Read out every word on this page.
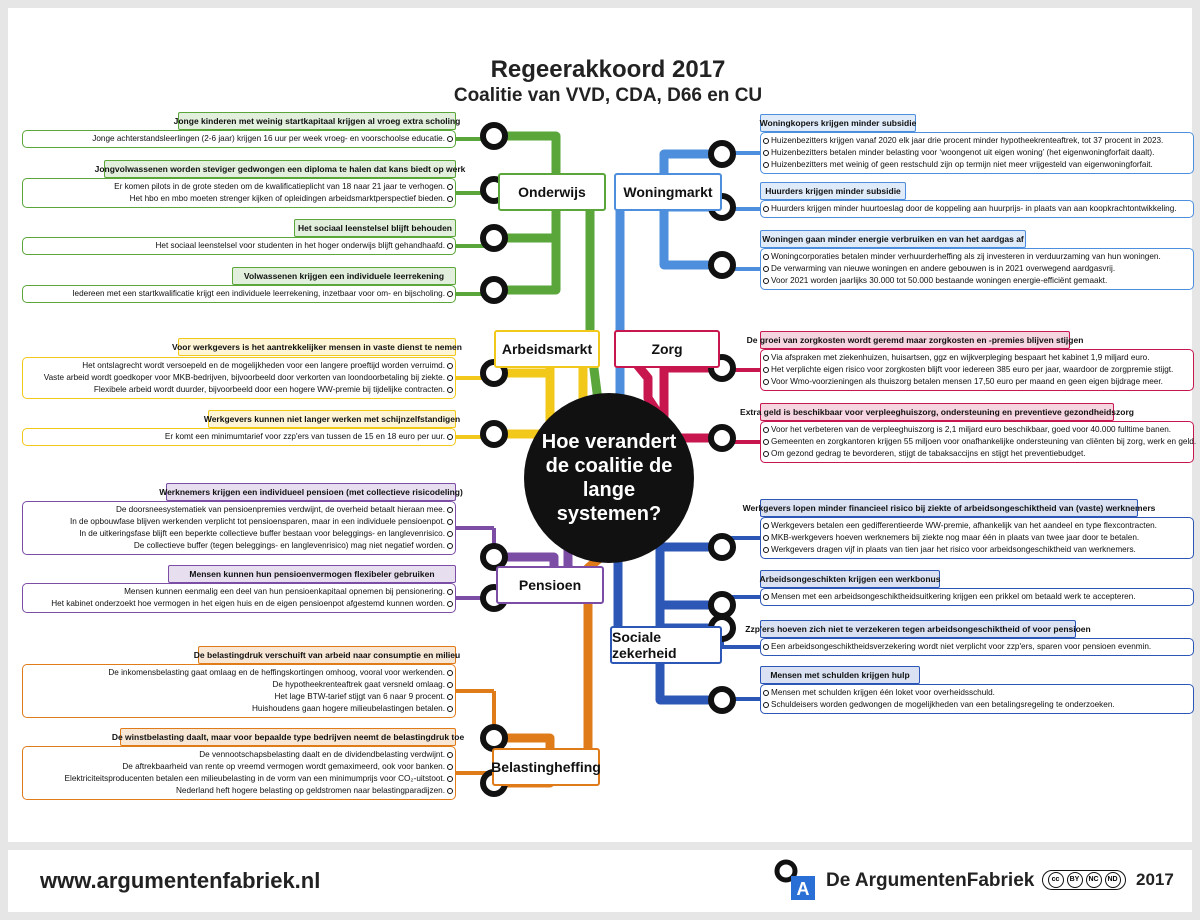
Regeerakkoord 2017
Coalitie van VVD, CDA, D66 en CU
Hoe verandert de coalitie de lange systemen?
Onderwijs
Jonge kinderen met weinig startkapitaal krijgen al vroeg extra scholing
Jonge achterstandsleerlingen (2-6 jaar) krijgen 16 uur per week vroeg- en voorschoolse educatie.
Jongvolwassenen worden steviger gedwongen een diploma te halen dat kans biedt op werk
Er komen pilots in de grote steden om de kwalificatieplicht van 18 naar 21 jaar te verhogen.
Het hbo en mbo moeten strenger kijken of opleidingen arbeidsmarktperspectief bieden.
Het sociaal leenstelsel blijft behouden
Het sociaal leenstelsel voor studenten in het hoger onderwijs blijft gehandhaafd.
Volwassenen krijgen een individuele leerrekening
Iedereen met een startkwalificatie krijgt een individuele leerrekening, inzetbaar voor om- en bijscholing.
Arbeidsmarkt
Voor werkgevers is het aantrekkelijker mensen in vaste dienst te nemen
Het ontslagrecht wordt versoepeld en de mogelijkheden voor een langere proeftijd worden verruimd.
Vaste arbeid wordt goedkoper voor MKB-bedrijven, bijvoorbeeld door verkorten van loondoorbetaling bij ziekte.
Flexibele arbeid wordt duurder, bijvoorbeeld door een hogere WW-premie bij tijdelijke contracten.
Werkgevers kunnen niet langer werken met schijnzelfstandigen
Er komt een minimumtarief voor zzp'ers van tussen de 15 en 18 euro per uur.
Pensioen
Werknemers krijgen een individueel pensioen (met collectieve risicodeling)
De doorsneesystematiek van pensioenpremies verdwijnt, de overheid betaalt hieraan mee.
In de opbouwfase blijven werkenden verplicht tot pensioensparen, maar in een individuele pensioenpot.
In de uitkeringsfase blijft een beperkte collectieve buffer bestaan voor beleggings- en langlevenrisico.
De collectieve buffer (tegen beleggings- en langlevenrisico) mag niet negatief worden.
Mensen kunnen hun pensioenvermogen flexibeler gebruiken
Mensen kunnen eenmalig een deel van hun pensioenkapitaal opnemen bij pensionering.
Het kabinet onderzoekt hoe vermogen in het eigen huis en de eigen pensioenpot afgestemd kunnen worden.
Belastingheffing
De belastingdruk verschuift van arbeid naar consumptie en milieu
De inkomensbelasting gaat omlaag en de heffingskortingen omhoog, vooral voor werkenden.
De hypotheekrenteaftrek gaat versneld omlaag.
Het lage BTW-tarief stijgt van 6 naar 9 procent.
Huishoudens gaan hogere milieubelastingen betalen.
De winstbelasting daalt, maar voor bepaalde type bedrijven neemt de belastingdruk toe
De vennootschapsbelasting daalt en de dividendbelasting verdwijnt.
De aftrekbaarheid van rente op vreemd vermogen wordt gemaximeerd, ook voor banken.
Elektriciteitsproducenten betalen een milieubelasting in de vorm van een minimumprijs voor CO₂-uitstoot.
Nederland heft hogere belasting op geldstromen naar belastingparadijzen.
Woningmarkt
Woningkopers krijgen minder subsidie
Huizenbezitters krijgen vanaf 2020 elk jaar drie procent minder hypotheekrenteaftrek, tot 37 procent in 2023.
Huizenbezitters betalen minder belasting voor ‘woongenot uit eigen woning’ (het eigenwoningforfait daalt).
Huizenbezitters met weinig of geen restschuld zijn op termijn niet meer vrijgesteld van eigenwoningforfait.
Huurders krijgen minder subsidie
Huurders krijgen minder huurtoeslag door de koppeling aan huurprijs- in plaats van aan koopkrachtontwikkeling.
Woningen gaan minder energie verbruiken en van het aardgas af
Woningcorporaties betalen minder verhuurderheffing als zij investeren in verduurzaming van hun woningen.
De verwarming van nieuwe woningen en andere gebouwen is in 2021 overwegend aardgasvrij.
Voor 2021 worden jaarlijks 30.000 tot 50.000 bestaande woningen energie-efficiënt gemaakt.
Zorg
De groei van zorgkosten wordt geremd maar zorgkosten en -premies blijven stijgen
Via afspraken met ziekenhuizen, huisartsen, ggz en wijkverpleging bespaart het kabinet 1,9 miljard euro.
Het verplichte eigen risico voor zorgkosten blijft voor iedereen 385 euro per jaar, waardoor de zorgpremie stijgt.
Voor Wmo-voorzieningen als thuiszorg betalen mensen 17,50 euro per maand en geen eigen bijdrage meer.
Extra geld is beschikbaar voor verpleeghuiszorg, ondersteuning en preventieve gezondheidszorg
Voor het verbeteren van de verpleeghuiszorg is 2,1 miljard euro beschikbaar, goed voor 40.000 fulltime banen.
Gemeenten en zorgkantoren krijgen 55 miljoen voor onafhankelijke ondersteuning van cliënten bij zorg, werk en geld.
Om gezond gedrag te bevorderen, stijgt de tabaksaccijns en stijgt het preventiebudget.
Sociale zekerheid
Werkgevers lopen minder financieel risico bij ziekte of arbeidsongeschiktheid van (vaste) werknemers
Werkgevers betalen een gedifferentieerde WW-premie, afhankelijk van het aandeel en type flexcontracten.
MKB-werkgevers hoeven werknemers bij ziekte nog maar één in plaats van twee jaar door te betalen.
Werkgevers dragen vijf in plaats van tien jaar het risico voor arbeidsongeschiktheid van werknemers.
Arbeidsongeschikten krijgen een werkbonus
Mensen met een arbeidsongeschiktheidsuitkering krijgen een prikkel om betaald werk te accepteren.
Zzp'ers hoeven zich niet te verzekeren tegen arbeidsongeschiktheid of voor pensioen
Een arbeidsongeschiktheidsverzekering wordt niet verplicht voor zzp'ers, sparen voor pensioen evenmin.
Mensen met schulden krijgen hulp
Mensen met schulden krijgen één loket voor overheidsschuld.
Schuldeisers worden gedwongen de mogelijkheden van een betalingsregeling te onderzoeken.
www.argumentenfabriek.nl	A De ArgumentenFabriek	cc	BY	NC	ND 2017
